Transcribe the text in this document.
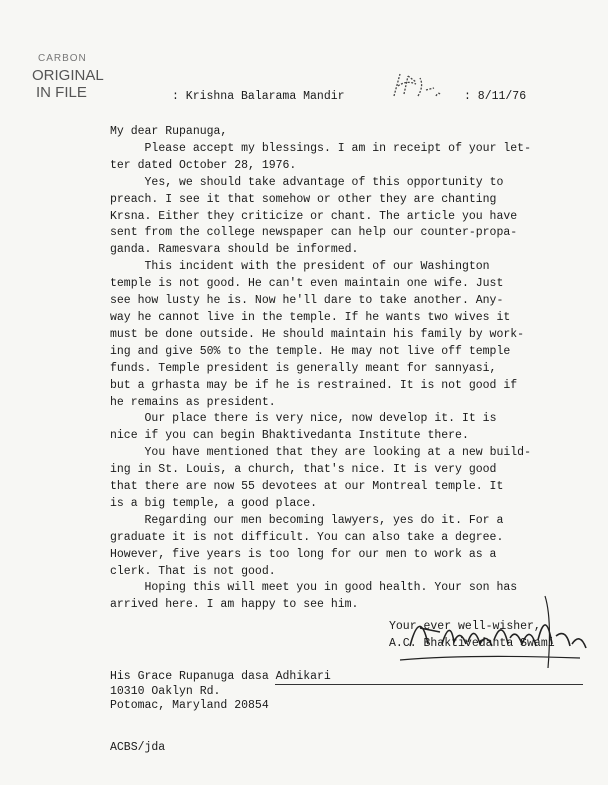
CARBON
ORIGINAL
IN FILE	: Krishna Balarama Mandir	: 8/11/76

My dear Rupanuga,

Please accept my blessings. I am in receipt of your let-
ter dated October 28, 1976.

Yes, we should take advantage of this opportunity to
preach. I see it that somehow or other they are chanting
Krsna. Either they criticize or chant. The article you have
sent from the college newspaper can help our counter-propa-
ganda. Ramesvara should be informed.

This incident with the president of our Washington
temple is not good. He can't even maintain one wife. Just
see how lusty he is. Now he'll dare to take another. Any-
way he cannot live in the temple. If he wants two wives it
must be done outside. He should maintain his family by work-
ing and give 50% to the temple. He may not live off temple
funds. Temple president is generally meant for sannyasi,
but a grhasta may be if he is restrained. It is not good if
he remains as president.

Our place there is very nice, now develop it. It is
nice if you can begin Bhaktivedanta Institute there.

You have mentioned that they are looking at a new build-
ing in St. Louis, a church, that's nice. It is very good
that there are now 55 devotees at our Montreal temple. It
is a big temple, a good place.

Regarding our men becoming lawyers, yes do it. For a
graduate it is not difficult. You can also take a degree.
However, five years is too long for our men to work as a
clerk. That is not good.

Hoping this will meet you in good health. Your son has
arrived here. I am happy to see him.

Your ever well-wisher,
A.C. Bhaktivedanta Swami
His Grace Rupanuga dasa Adhikari
10310 Oaklyn Rd.
Potomac, Maryland 20854
ACBS/jda
